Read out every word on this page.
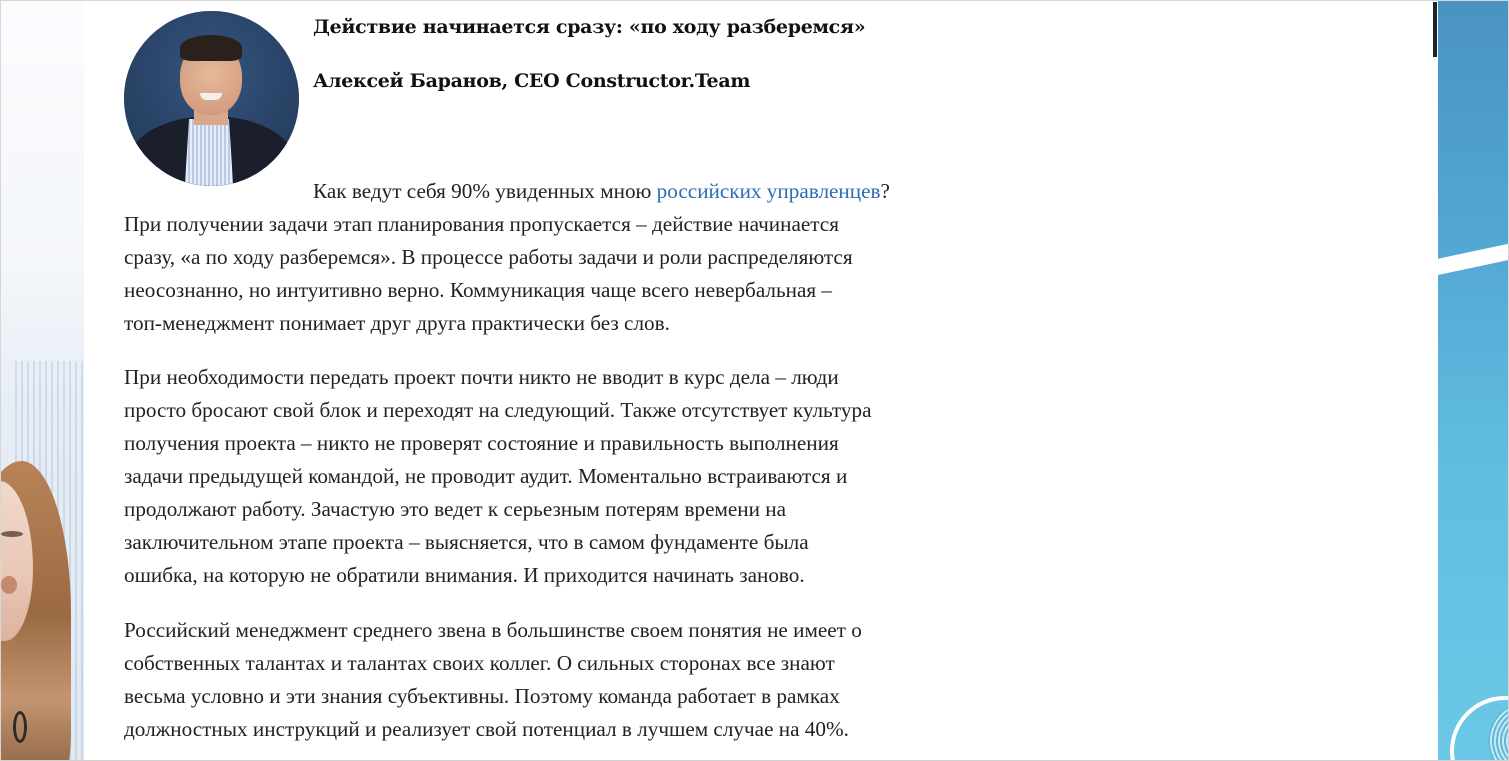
Действие начинается сразу: «по ходу разберемся»
Алексей Баранов, CEO Constructor.Team

Как ведут себя 90% увиденных мною российских управленцев?
При получении задачи этап планирования пропускается – действие начинается
сразу, «а по ходу разберемся». В процессе работы задачи и роли распределяются
неосознанно, но интуитивно верно. Коммуникация чаще всего невербальная –
топ-менеджмент понимает друг друга практически без слов.

При необходимости передать проект почти никто не вводит в курс дела – люди
просто бросают свой блок и переходят на следующий. Также отсутствует культура
получения проекта – никто не проверят состояние и правильность выполнения
задачи предыдущей командой, не проводит аудит. Моментально встраиваются и
продолжают работу. Зачастую это ведет к серьезным потерям времени на
заключительном этапе проекта – выясняется, что в самом фундаменте была
ошибка, на которую не обратили внимания. И приходится начинать заново.

Российский менеджмент среднего звена в большинстве своем понятия не имеет о
собственных талантах и талантах своих коллег. О сильных сторонах все знают
весьма условно и эти знания субъективны. Поэтому команда работает в рамках
должностных инструкций и реализует свой потенциал в лучшем случае на 40%.
